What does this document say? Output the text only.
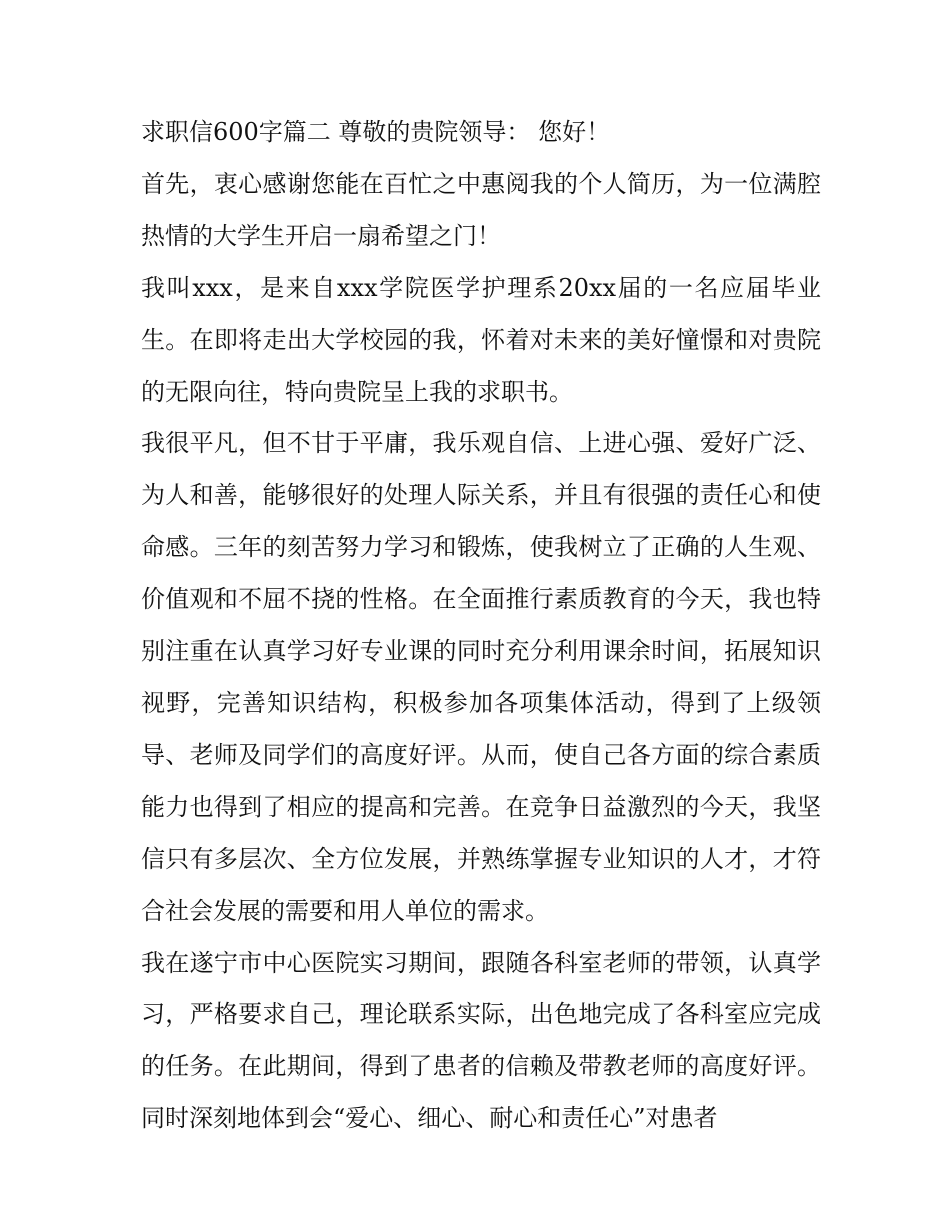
求职信600字篇二 尊敬的贵院领导： 您好！

首先，衷心感谢您能在百忙之中惠阅我的个人简历，为一位满腔热情的大学生开启一扇希望之门！

我叫xxx，是来自xxx学院医学护理系20xx届的一名应届毕业生。在即将走出大学校园的我，怀着对未来的美好憧憬和对贵院的无限向往，特向贵院呈上我的求职书。

我很平凡，但不甘于平庸，我乐观自信、上进心强、爱好广泛、为人和善，能够很好的处理人际关系，并且有很强的责任心和使命感。三年的刻苦努力学习和锻炼，使我树立了正确的人生观、价值观和不屈不挠的性格。在全面推行素质教育的今天，我也特别注重在认真学习好专业课的同时充分利用课余时间，拓展知识视野，完善知识结构，积极参加各项集体活动，得到了上级领导、老师及同学们的高度好评。从而，使自己各方面的综合素质能力也得到了相应的提高和完善。在竞争日益激烈的今天，我坚信只有多层次、全方位发展，并熟练掌握专业知识的人才，才符合社会发展的需要和用人单位的需求。

我在遂宁市中心医院实习期间，跟随各科室老师的带领，认真学习，严格要求自己，理论联系实际，出色地完成了各科室应完成的任务。在此期间，得到了患者的信赖及带教老师的高度好评。同时深刻地体到会“爱心、细心、耐心和责任心”对患者
